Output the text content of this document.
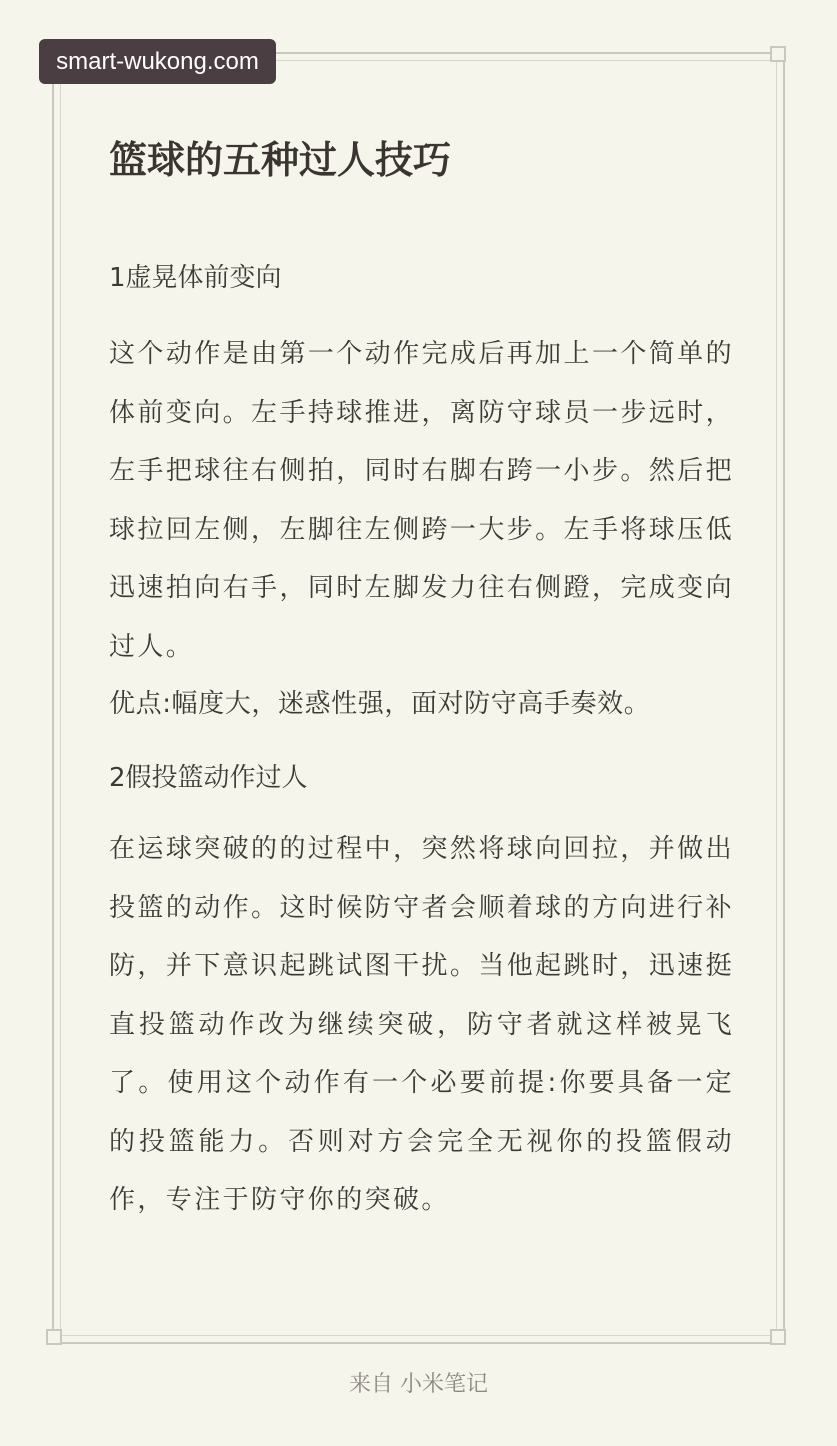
smart-wukong.com
篮球的五种过人技巧

1虚晃体前变向

这个动作是由第一个动作完成后再加上一个简单的体前变向。左手持球推进，离防守球员一步远时，左手把球往右侧拍，同时右脚右跨一小步。然后把球拉回左侧，左脚往左侧跨一大步。左手将球压低迅速拍向右手，同时左脚发力往右侧蹬，完成变向过人。

优点:幅度大，迷惑性强，面对防守高手奏效。

2假投篮动作过人

在运球突破的的过程中，突然将球向回拉，并做出投篮的动作。这时候防守者会顺着球的方向进行补防，并下意识起跳试图干扰。当他起跳时，迅速挺直投篮动作改为继续突破，防守者就这样被晃飞了。使用这个动作有一个必要前提:你要具备一定的投篮能力。否则对方会完全无视你的投篮假动作，专注于防守你的突破。

来自 小米笔记
